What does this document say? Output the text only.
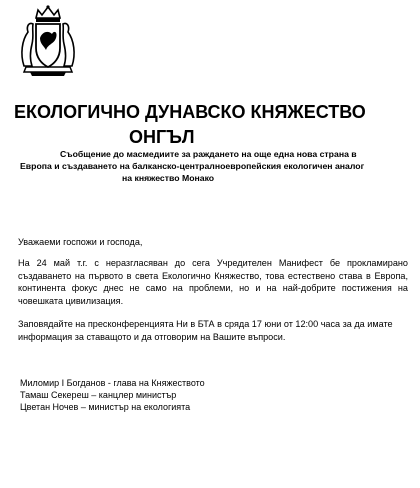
ЕКОЛОГИЧНО ДУНАВСКО КНЯЖЕСТВО
ОНГЪЛ
Съобщение до масмедиите за раждането на още една нова страна в
Европа и създаването на балканско-централноевропейския екологичен аналог
на княжество Монако
Уважаеми госпожи и господа,
На 24 май т.г. с неразгласяван до сега Учредителен Манифест бе прокламирано създаването на първото в света Екологично Княжество, това естествено става в Европа, континента фокус днес не само на проблеми, но и на най-добрите постижения на човешката цивилизация.
Заповядайте на пресконференцията Ни в БТА в сряда 17 юни от 12:00 часа за да имате информация за ставащото и да отговорим на Вашите въпроси.
Миломир I Богданов - глава на Княжеството
Тамаш Секереш – канцлер министър
Цветан Ночев – министър на екологията
